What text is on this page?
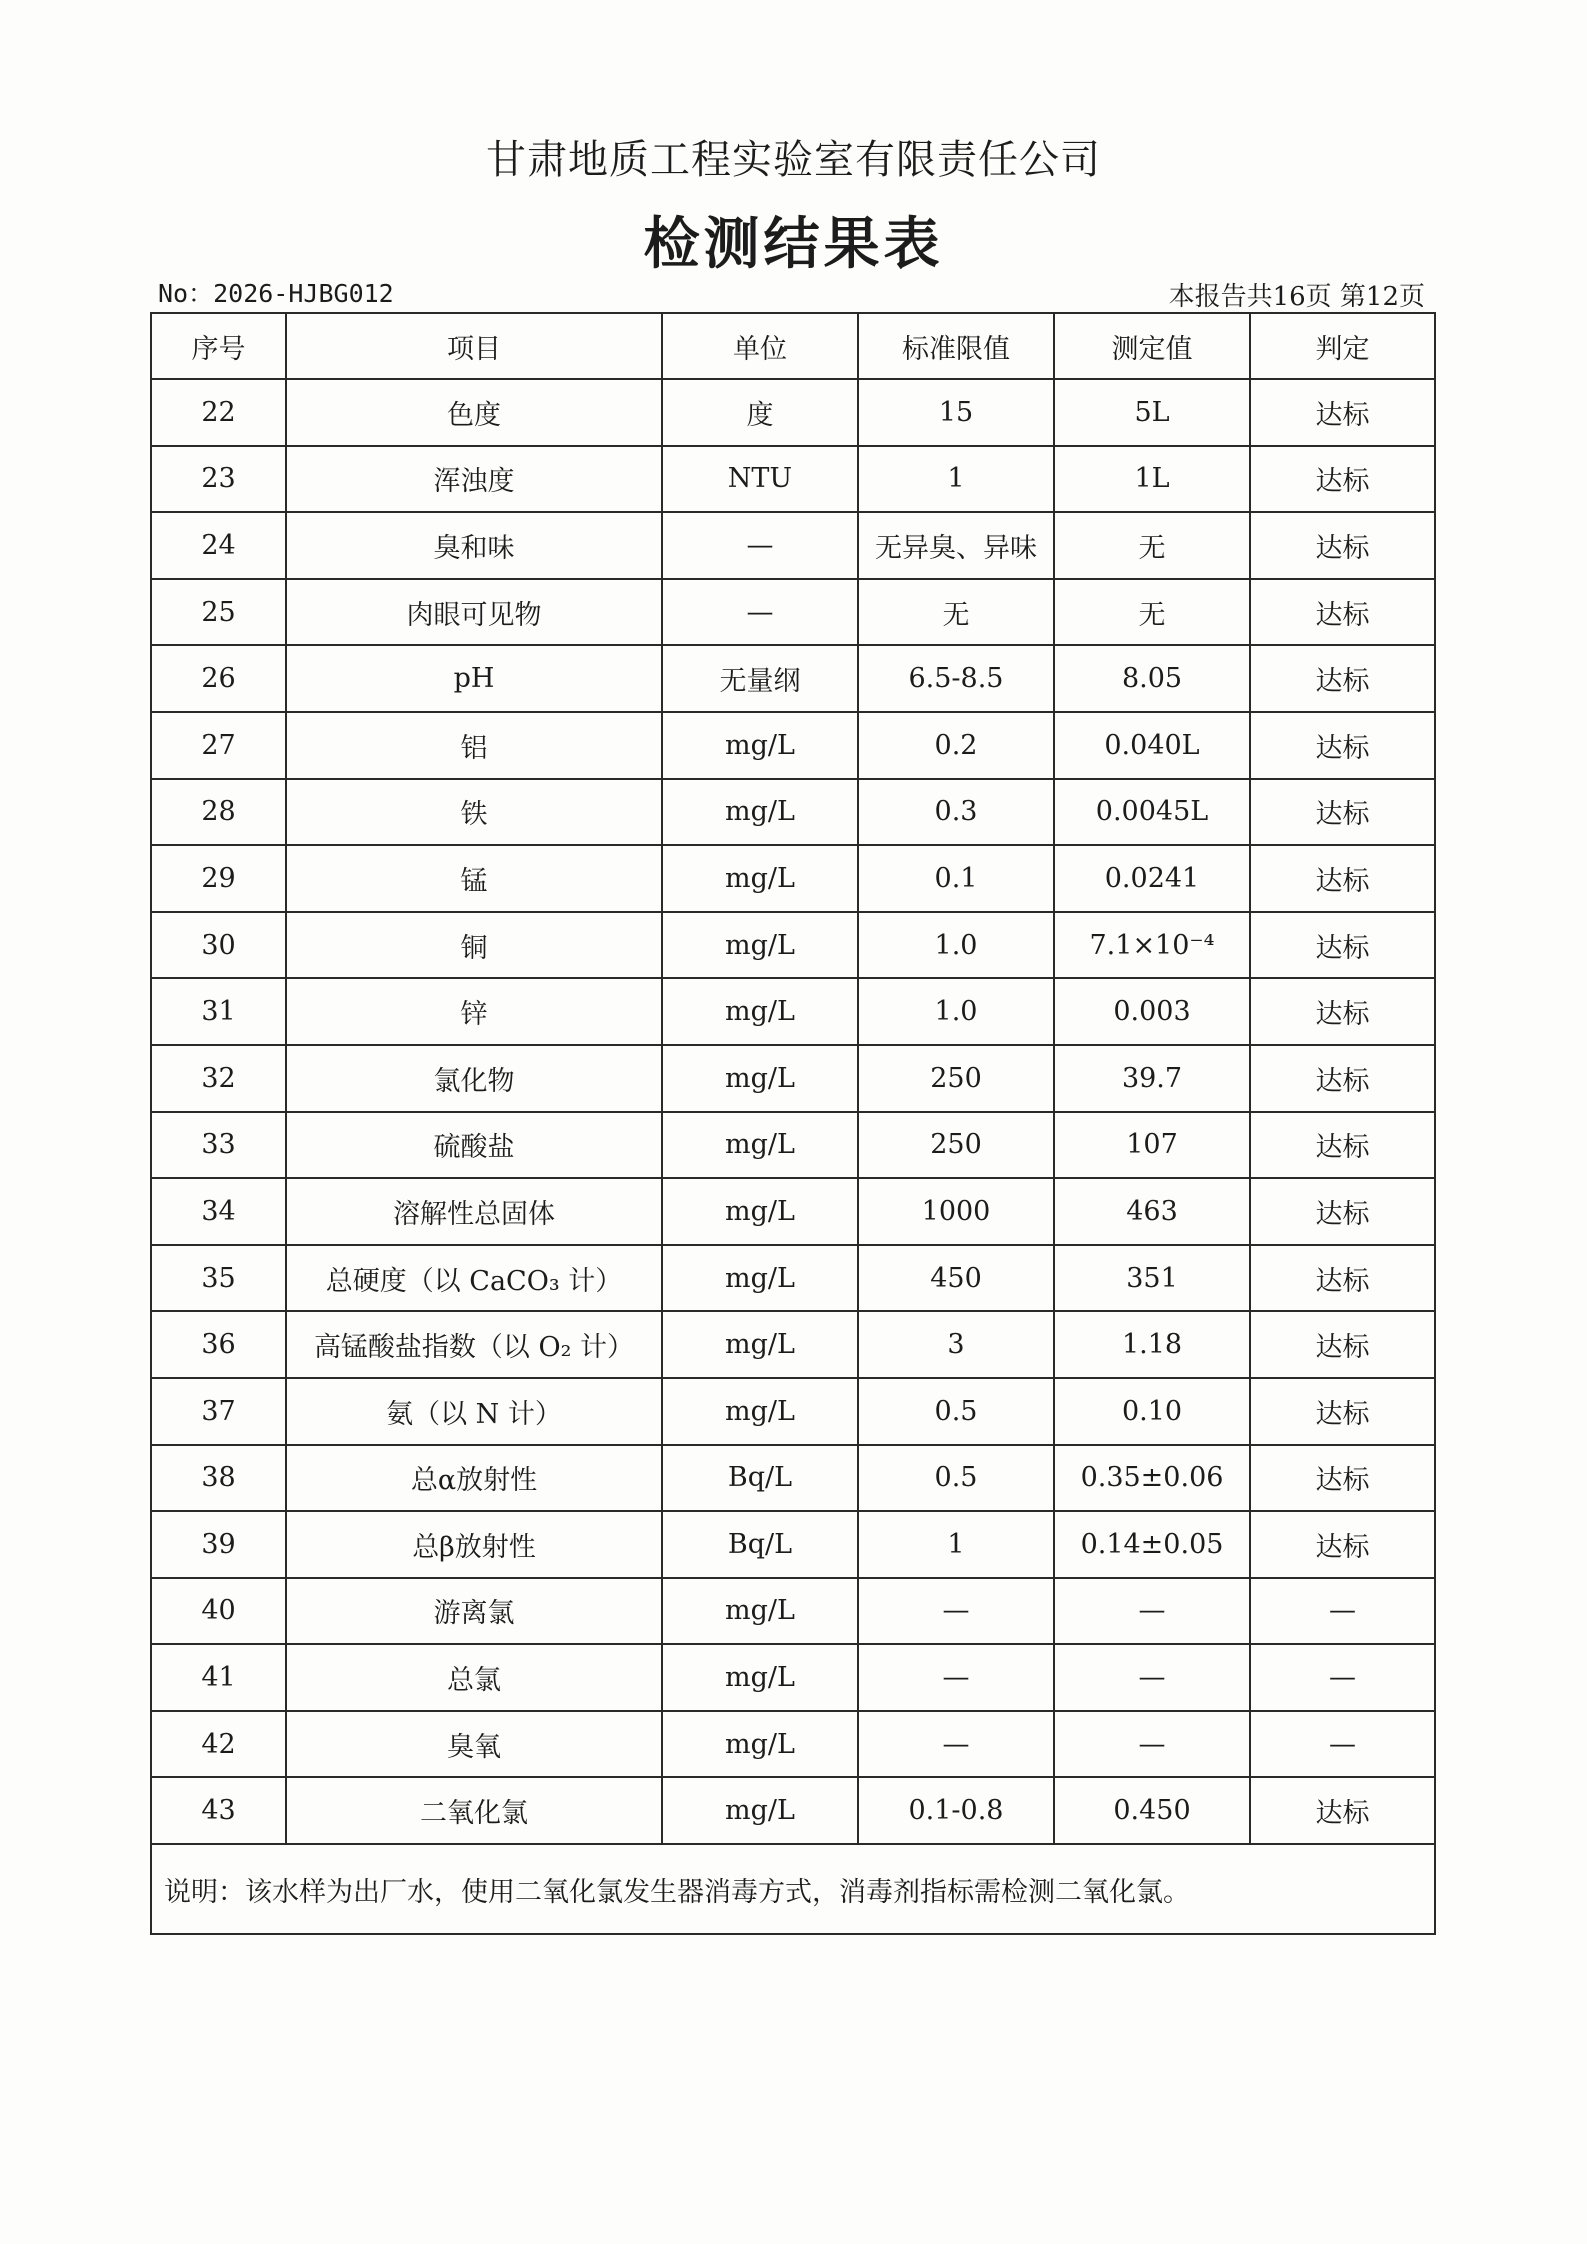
甘肃地质工程实验室有限责任公司
检测结果表
No：2026-HJBG012	本报告共16页 第12页
序号	项目	单位	标准限值	测定值	判定
22	色度	度	15	5L	达标
23	浑浊度	NTU	1	1L	达标
24	臭和味	—	无异臭、异味	无	达标
25	肉眼可见物	—	无	无	达标
26	pH	无量纲	6.5-8.5	8.05	达标
27	铝	mg/L	0.2	0.040L	达标
28	铁	mg/L	0.3	0.0045L	达标
29	锰	mg/L	0.1	0.0241	达标
30	铜	mg/L	1.0	7.1×10⁻⁴	达标
31	锌	mg/L	1.0	0.003	达标
32	氯化物	mg/L	250	39.7	达标
33	硫酸盐	mg/L	250	107	达标
34	溶解性总固体	mg/L	1000	463	达标
35	总硬度（以 CaCO₃ 计）	mg/L	450	351	达标
36	高锰酸盐指数（以 O₂ 计）	mg/L	3	1.18	达标
37	氨（以 N 计）	mg/L	0.5	0.10	达标
38	总α放射性	Bq/L	0.5	0.35±0.06	达标
39	总β放射性	Bq/L	1	0.14±0.05	达标
40	游离氯	mg/L	—	—	—
41	总氯	mg/L	—	—	—
42	臭氧	mg/L	—	—	—
43	二氧化氯	mg/L	0.1-0.8	0.450	达标
说明：该水样为出厂水，使用二氧化氯发生器消毒方式，消毒剂指标需检测二氧化氯。					
